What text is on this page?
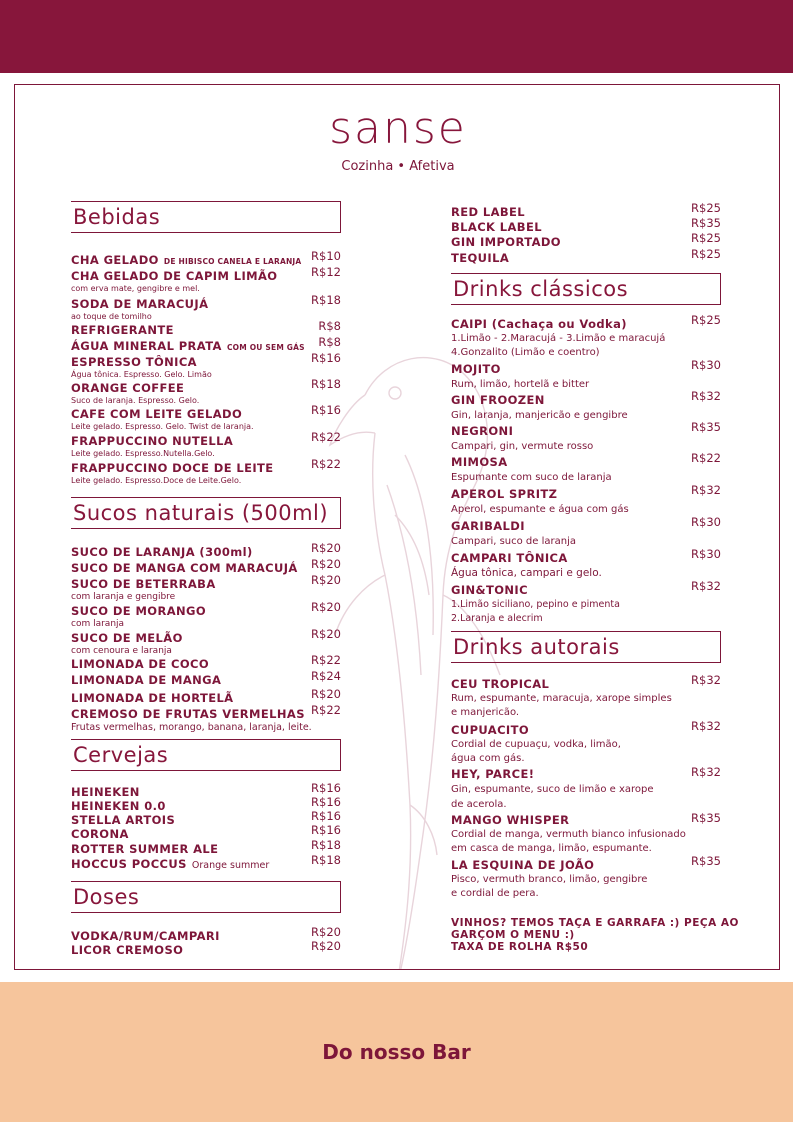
sanse
Cozinha • Afetiva
Bebidas
CHA GELADO DE HIBISCO CANELA E LARANJA R$10
CHA GELADO DE CAPIM LIMÃO	R$12
com erva mate, gengibre e mel.
SODA DE MARACUJÁ	R$18
ao toque de tomilho
REFRIGERANTE	R$8
ÁGUA MINERAL PRATA COM OU SEM GÁS R$8
ESPRESSO TÔNICA	R$16
Água tônica. Espresso. Gelo. Limão
ORANGE COFFEE	R$18
Suco de laranja. Espresso. Gelo.
CAFE COM LEITE GELADO	R$16
Leite gelado. Espresso. Gelo. Twist de laranja.
FRAPPUCCINO NUTELLA	R$22
Leite gelado. Espresso.Nutella.Gelo.
FRAPPUCCINO DOCE DE LEITE	R$22
Leite gelado. Espresso.Doce de Leite.Gelo.
Sucos naturais (500ml)
SUCO DE LARANJA (300ml)	R$20
SUCO DE MANGA COM MARACUJÁ R$20
SUCO DE BETERRABA	R$20
com laranja e gengibre
SUCO DE MORANGO	R$20
com laranja
SUCO DE MELÃO	R$20
com cenoura e laranja
LIMONADA DE COCO	R$22
LIMONADA DE MANGA	R$24
LIMONADA DE HORTELÃ	R$20
CREMOSO DE FRUTAS VERMELHAS R$22
Frutas vermelhas, morango, banana, laranja, leite.
Cervejas
HEINEKEN	R$16
HEINEKEN 0.0	R$16
STELLA ARTOIS	R$16
CORONA	R$16
ROTTER SUMMER ALE	R$18
HOCCUS POCCUS Orange summer	R$18
Doses
VODKA/RUM/CAMPARI	R$20
LICOR CREMOSO	R$20
RED LABEL	R$25
BLACK LABEL	R$35
GIN IMPORTADO	R$25
TEQUILA	R$25
Drinks clássicos
CAIPI (Cachaça ou Vodka)	R$25
1.Limão - 2.Maracujá - 3.Limão e maracujá
4.Gonzalito (Limão e coentro)
MOJITO	R$30
Rum, limão, hortelã e bitter
GIN FROOZEN	R$32
Gin, laranja, manjericão e gengibre
NEGRONI	R$35
Campari, gin, vermute rosso
MIMOSA	R$22
Espumante com suco de laranja
APEROL SPRITZ	R$32
Aperol, espumante e água com gás
GARIBALDI	R$30
Campari, suco de laranja
CAMPARI TÔNICA	R$30
Água tônica, campari e gelo.
GIN&TONIC	R$32
1.Limão siciliano, pepino e pimenta
2.Laranja e alecrim
Drinks autorais
CEU TROPICAL	R$32
Rum, espumante, maracuja, xarope simples
e manjericão.
CUPUACITO	R$32
Cordial de cupuaçu, vodka, limão,
água com gás.
HEY, PARCE!	R$32
Gin, espumante, suco de limão e xarope
de acerola.
MANGO WHISPER	R$35
Cordial de manga, vermuth bianco infusionado
em casca de manga, limão, espumante.
LA ESQUINA DE JOÃO	R$35
Pisco, vermuth branco, limão, gengibre
e cordial de pera.
VINHOS? TEMOS TAÇA E GARRAFA :) PEÇA AO
GARÇOM O MENU :)
TAXA DE ROLHA R$50
Do nosso Bar
